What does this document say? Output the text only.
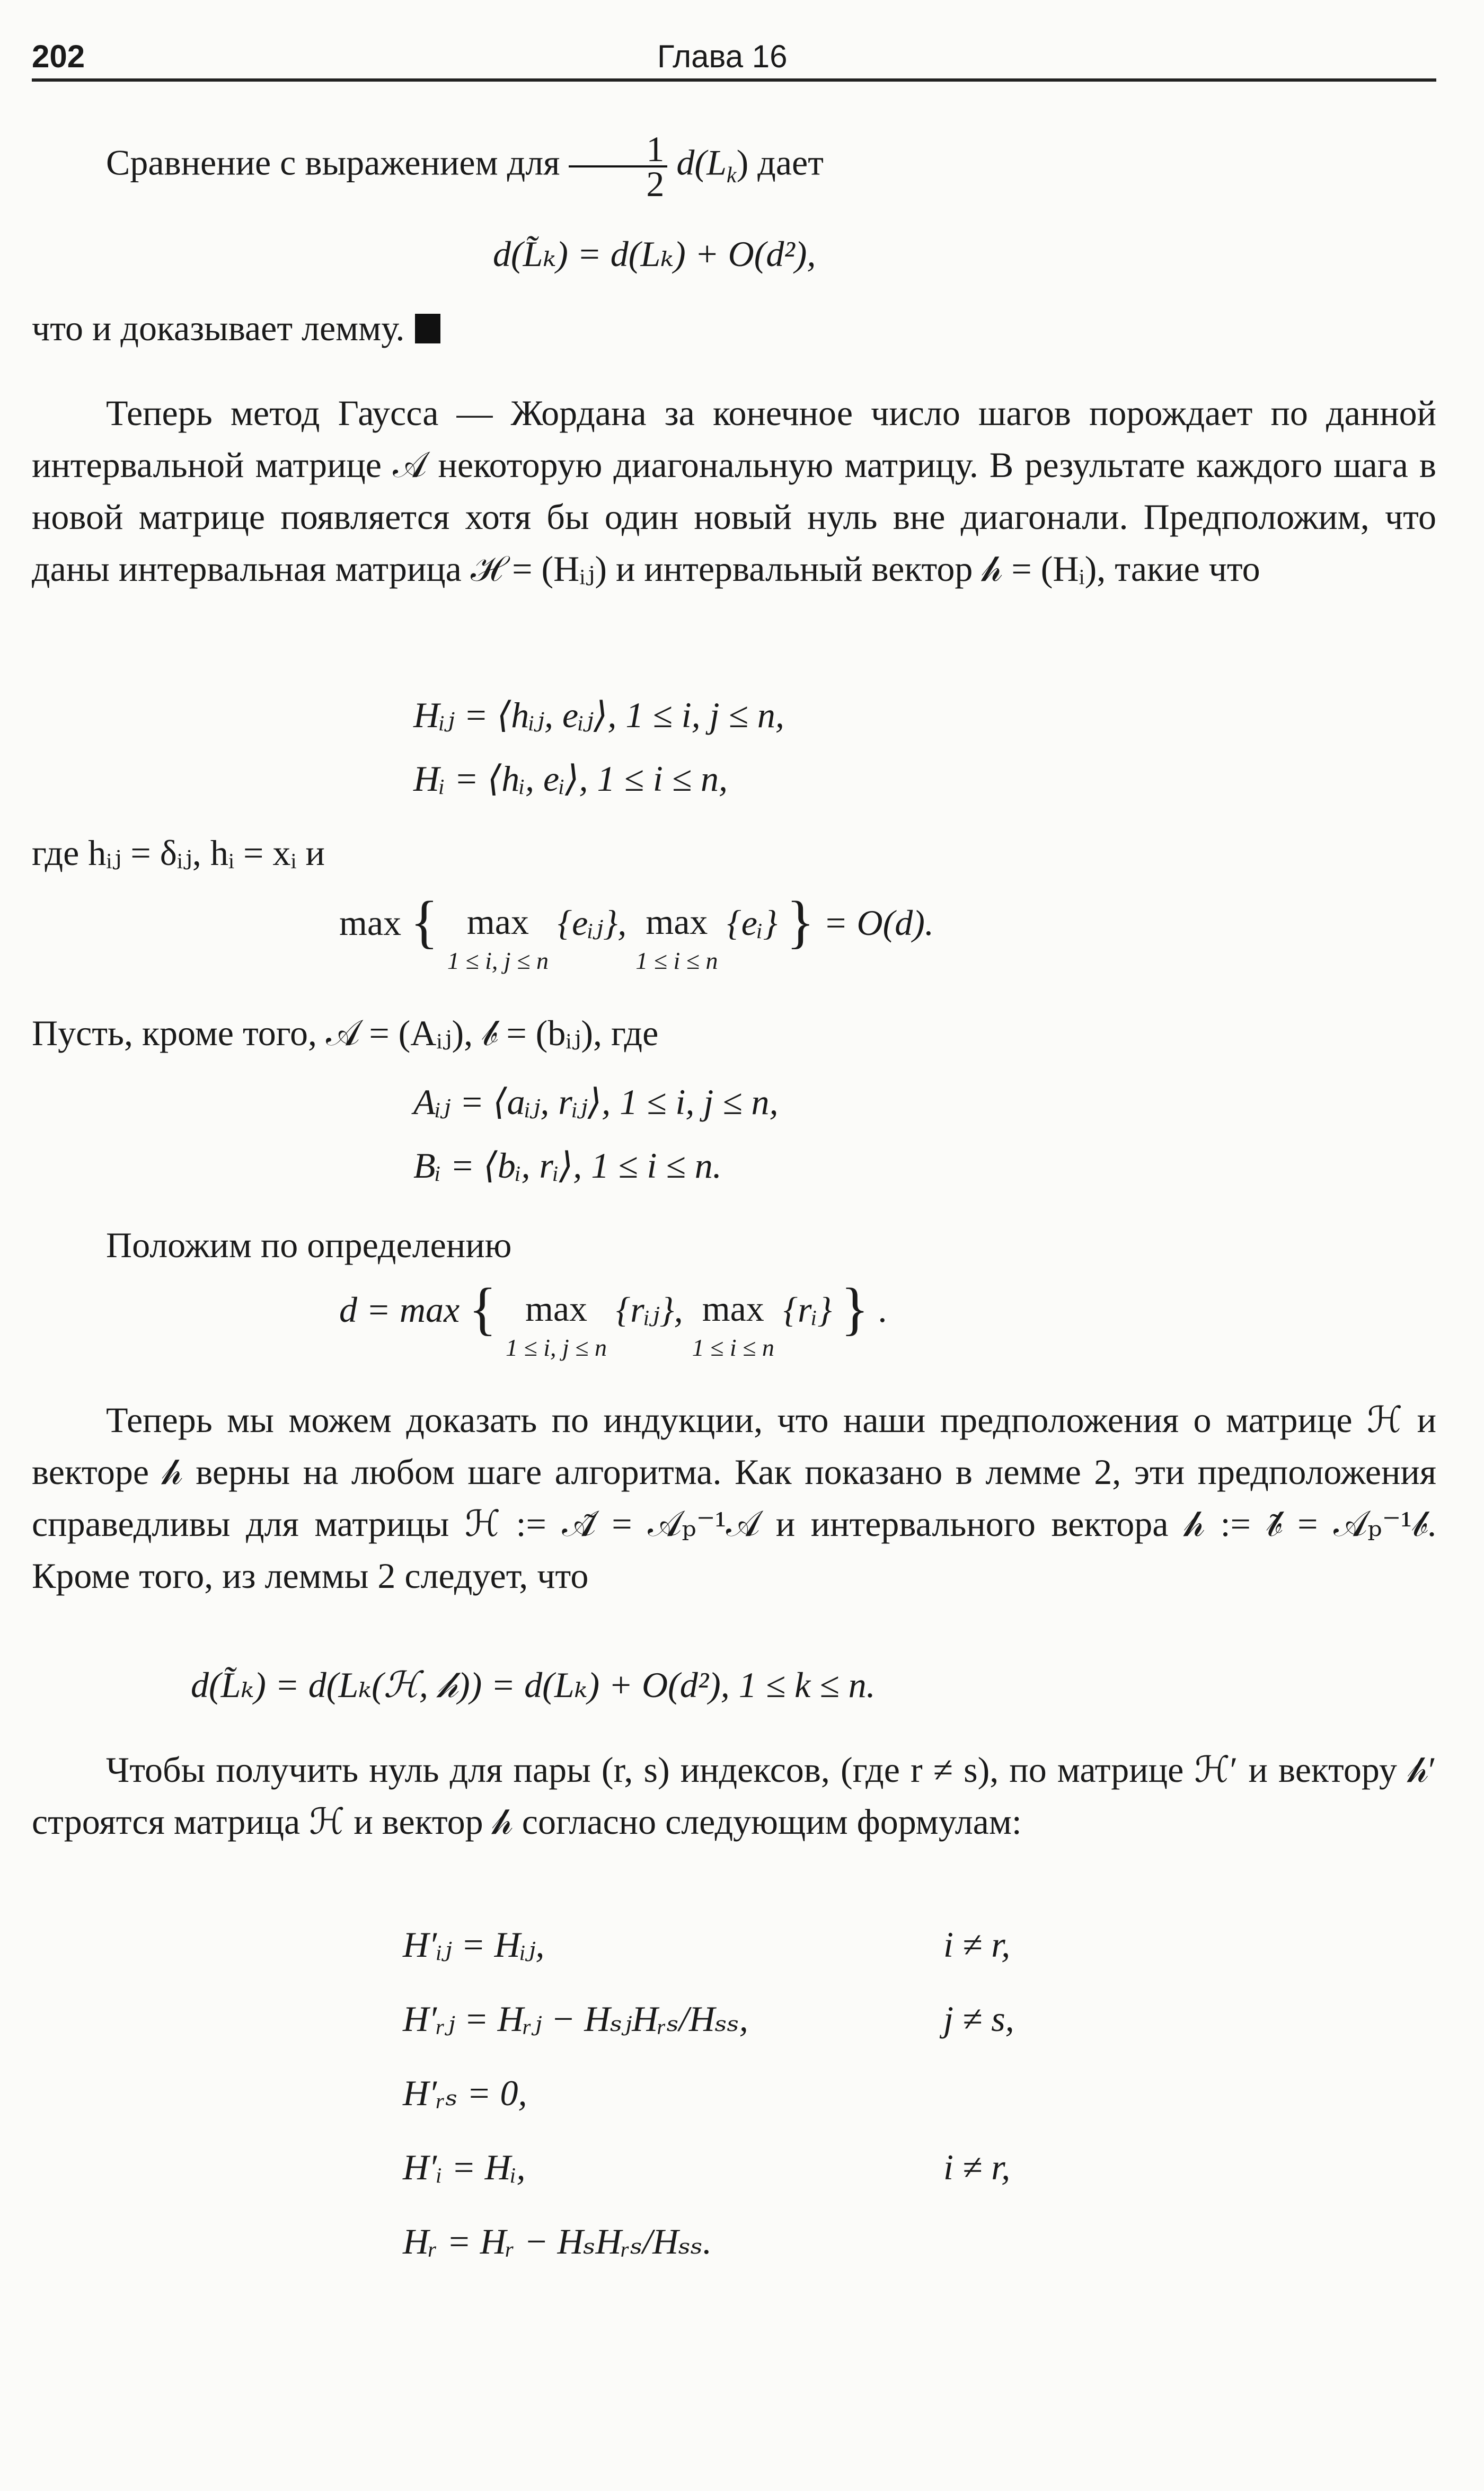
202	Глава 16
Сравнение с выражением для $\frac{1}{2} d(L_k)$ дает
d(L̃ₖ) = d(Lₖ) + O(d²),
что и доказывает лемму.
Теперь метод Гаусса — Жордана за конечное число шагов порождает по данной интервальной матрице 𝒜 некоторую диагональную матрицу. В результате каждого шага в новой матрице появляется хотя бы один новый нуль вне диагонали. Предположим, что даны интервальная матрица ℋ = (Hᵢⱼ) и интервальный вектор 𝒽 = (Hᵢ), такие что
Hᵢⱼ = ⟨hᵢⱼ, eᵢⱼ⟩, 1 ≤ i, j ≤ n,
Hᵢ = ⟨hᵢ, eᵢ⟩, 1 ≤ i ≤ n,
где hᵢⱼ = δᵢⱼ, hᵢ = xᵢ и
max { max
1 ≤ i, j ≤ n
{eᵢⱼ}, max
1 ≤ i ≤ n
{eᵢ} } = O(d).
Пусть, кроме того, 𝒜 = (Aᵢⱼ), 𝒷 = (bᵢⱼ), где
Aᵢⱼ = ⟨aᵢⱼ, rᵢⱼ⟩, 1 ≤ i, j ≤ n,
Bᵢ = ⟨bᵢ, rᵢ⟩, 1 ≤ i ≤ n.
Положим по определению
d = max { max
1 ≤ i, j ≤ n
{rᵢⱼ}, max
1 ≤ i ≤ n
{rᵢ} } .
Теперь мы можем доказать по индукции, что наши предположения о матрице ℋ и векторе 𝒽 верны на любом шаге алгоритма. Как показано в лемме 2, эти предположения справедливы для матрицы ℋ := 𝒜̃ = 𝒜ₚ⁻¹𝒜 и интервального вектора 𝒽 := 𝒷̃ = 𝒜ₚ⁻¹𝒷. Кроме того, из леммы 2 следует, что
d(L̃ₖ) = d(Lₖ(ℋ, 𝒽)) = d(Lₖ) + O(d²), 1 ≤ k ≤ n.
Чтобы получить нуль для пары (r, s) индексов, (где r ≠ s), по матрице ℋ′ и вектору 𝒽′ строятся матрица ℋ и вектор 𝒽 согласно следующим формулам:
H′ᵢⱼ = Hᵢⱼ,	i ≠ r,
H′ᵣⱼ = Hᵣⱼ − HₛⱼHᵣₛ/Hₛₛ,	j ≠ s,
H′ᵣₛ = 0,
H′ᵢ = Hᵢ,	i ≠ r,
Hᵣ = Hᵣ − HₛHᵣₛ/Hₛₛ.
